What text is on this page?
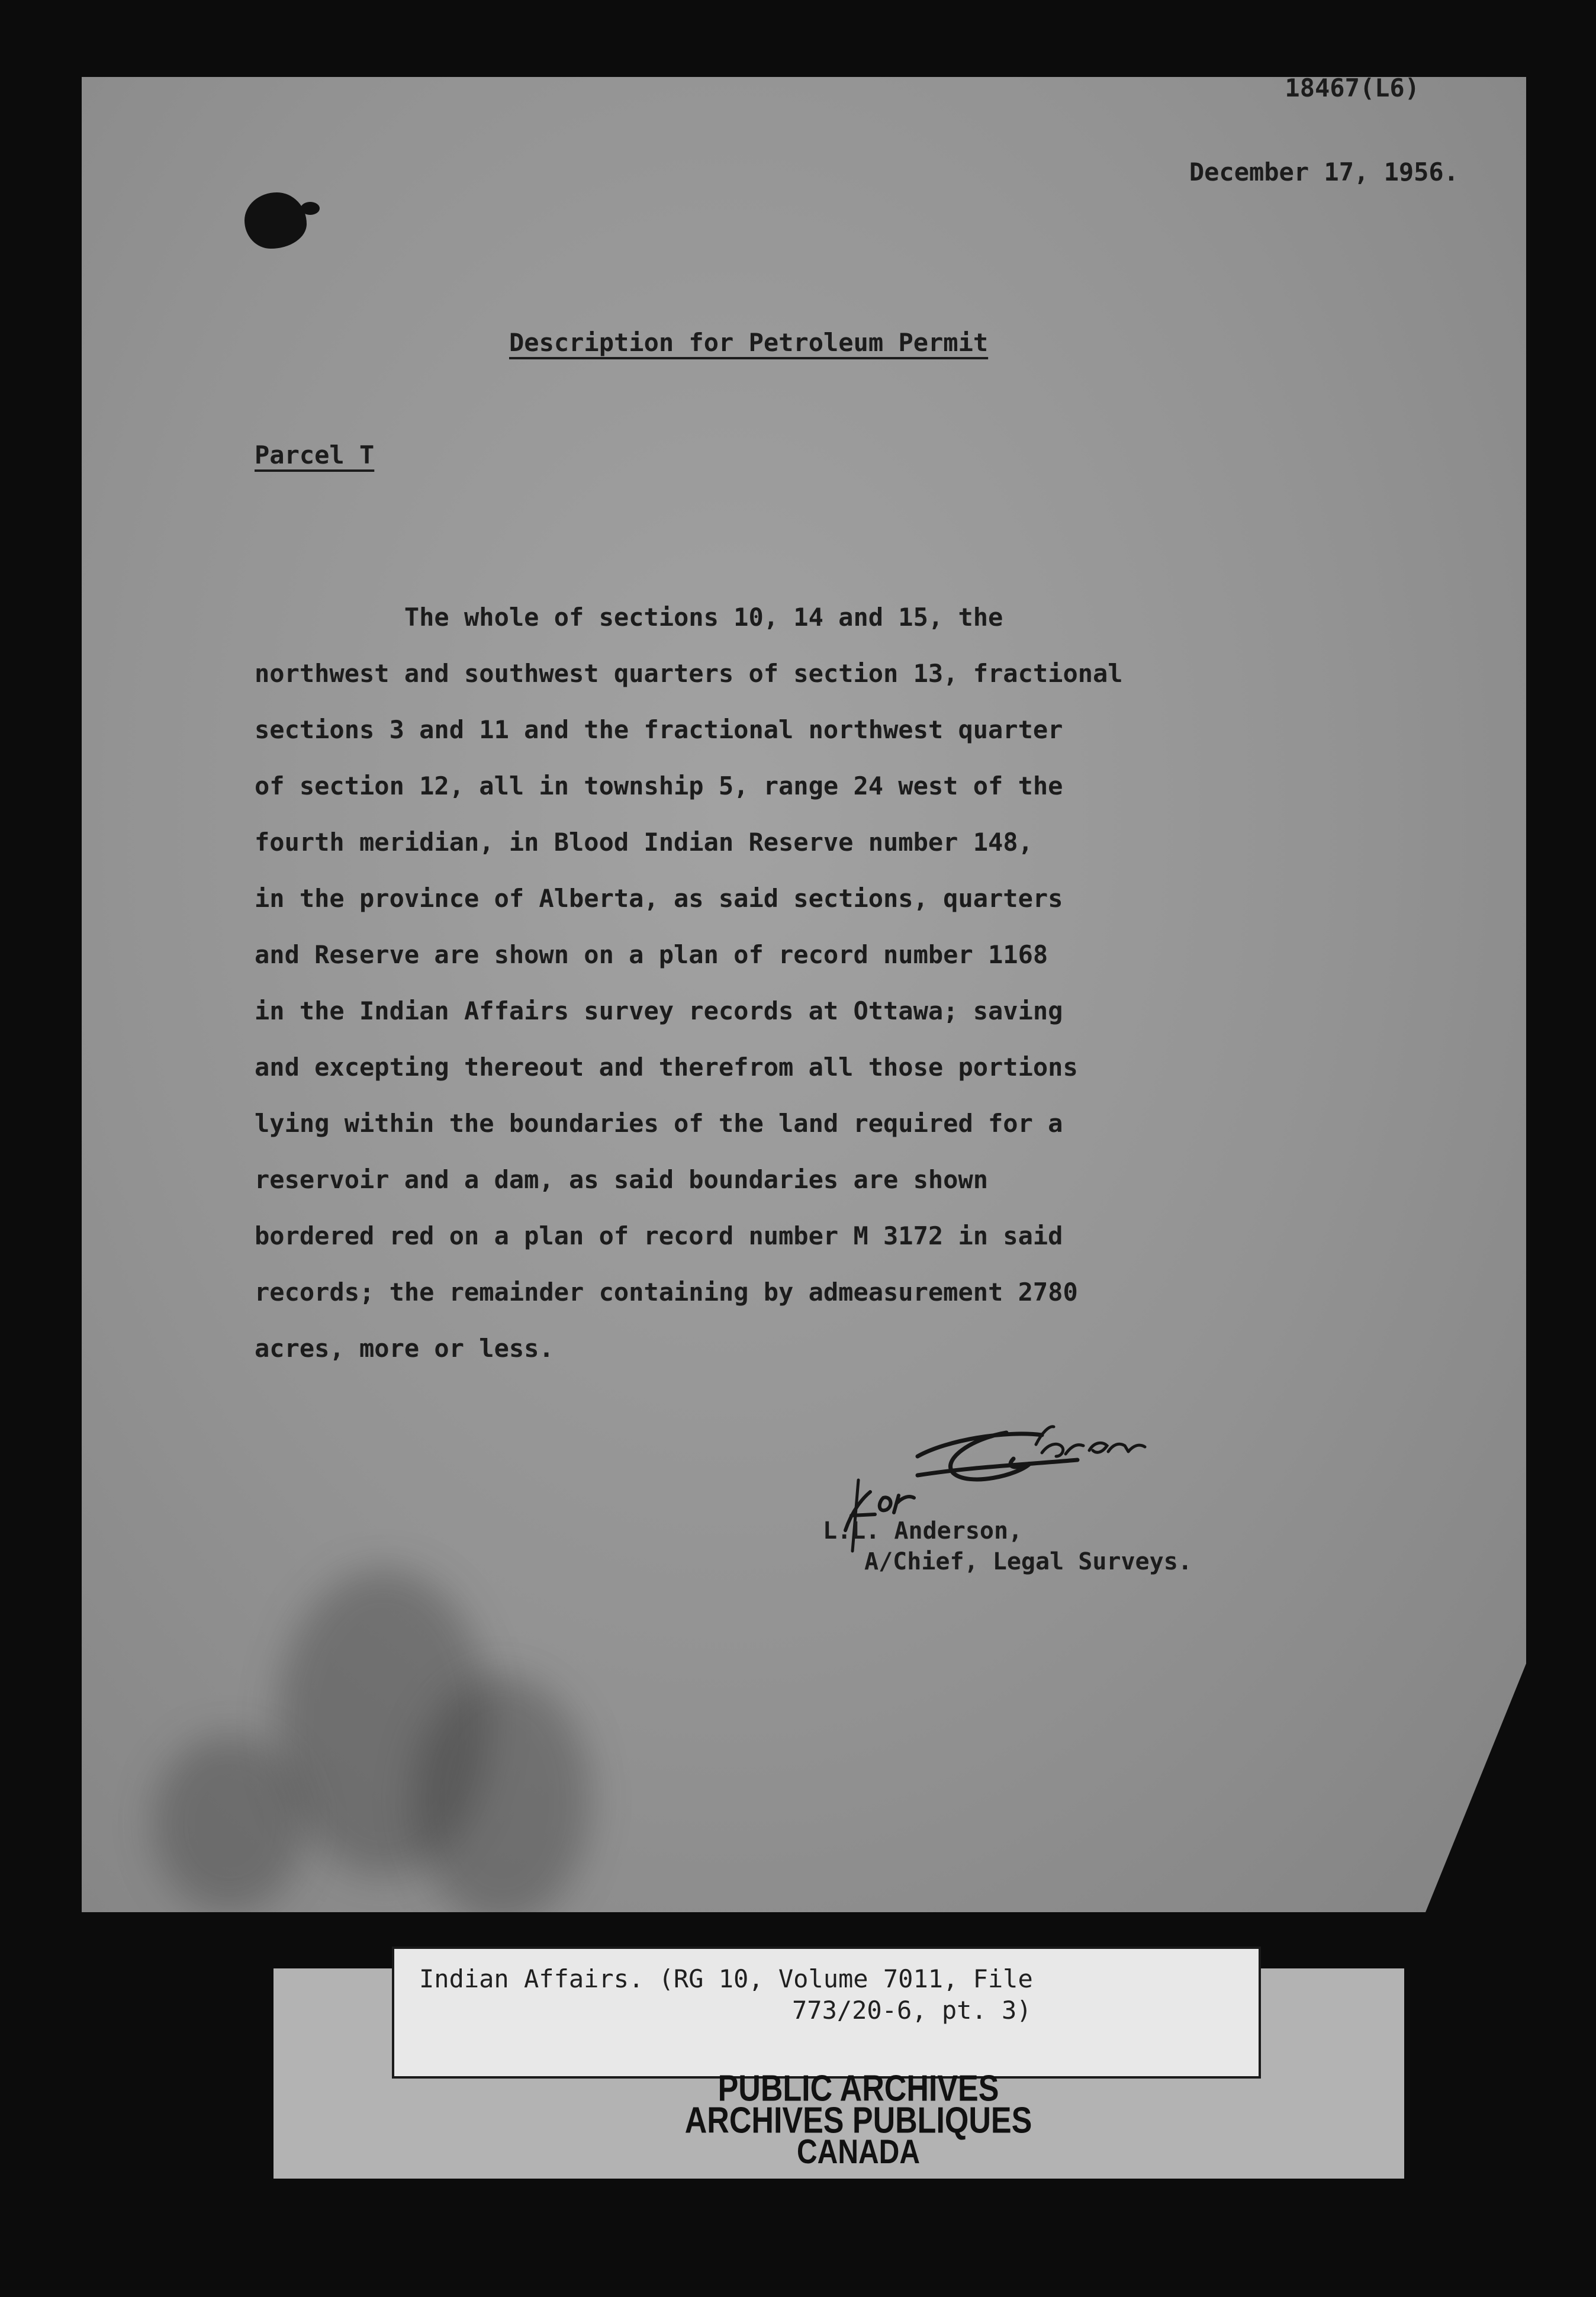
18467(L6)
December 17, 1956.
Description for Petroleum Permit
Parcel T
The whole of sections 10, 14 and 15, the
northwest and southwest quarters of section 13, fractional
sections 3 and 11 and the fractional northwest quarter
of section 12, all in township 5, range 24 west of the
fourth meridian, in Blood Indian Reserve number 148,
in the province of Alberta, as said sections, quarters
and Reserve are shown on a plan of record number 1168
in the Indian Affairs survey records at Ottawa; saving
and excepting thereout and therefrom all those portions
lying within the boundaries of the land required for a
reservoir and a dam, as said boundaries are shown
bordered red on a plan of record number M 3172 in said
records; the remainder containing by admeasurement 2780
acres, more or less.
L.L. Anderson,
A/Chief, Legal Surveys.
Indian Affairs. (RG 10, Volume 7011, File
773/20-6, pt. 3)
PUBLIC ARCHIVES
ARCHIVES PUBLIQUES
CANADA
